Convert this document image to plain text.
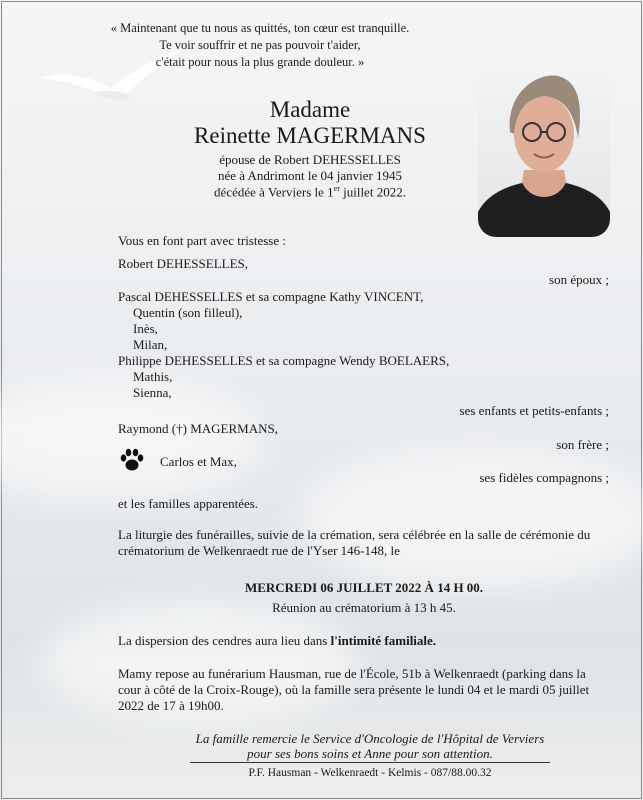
« Maintenant que tu nous as quittés, ton cœur est tranquille.
Te voir souffrir et ne pas pouvoir t'aider,
c'était pour nous la plus grande douleur. »
Madame
Reinette MAGERMANS
épouse de Robert DEHESSELLES
née à Andrimont le 04 janvier 1945
décédée à Verviers le 1er juillet 2022.
Vous en font part avec tristesse :
Robert DEHESSELLES,
son époux ;
Pascal DEHESSELLES et sa compagne Kathy VINCENT,
Quentin (son filleul),
Inès,
Milan,
Philippe DEHESSELLES et sa compagne Wendy BOELAERS,
Mathis,
Sienna,
ses enfants et petits-enfants ;
Raymond (†) MAGERMANS,
son frère ;
Carlos et Max,
ses fidèles compagnons ;
et les familles apparentées.
La liturgie des funérailles, suivie de la crémation, sera célébrée en la salle de cérémonie du
crématorium de Welkenraedt rue de l'Yser 146-148, le
MERCREDI 06 JUILLET 2022 À 14 H 00.
Réunion au crématorium à 13 h 45.
La dispersion des cendres aura lieu dans l'intimité familiale.
Mamy repose au funérarium Hausman, rue de l'École, 51b à Welkenraedt (parking dans la
cour à côté de la Croix-Rouge), où la famille sera présente le lundi 04 et le mardi 05 juillet
2022 de 17 à 19h00.
La famille remercie le Service d'Oncologie de l'Hôpital de Verviers
pour ses bons soins et Anne pour son attention.
P.F. Hausman - Welkenraedt - Kelmis - 087/88.00.32
